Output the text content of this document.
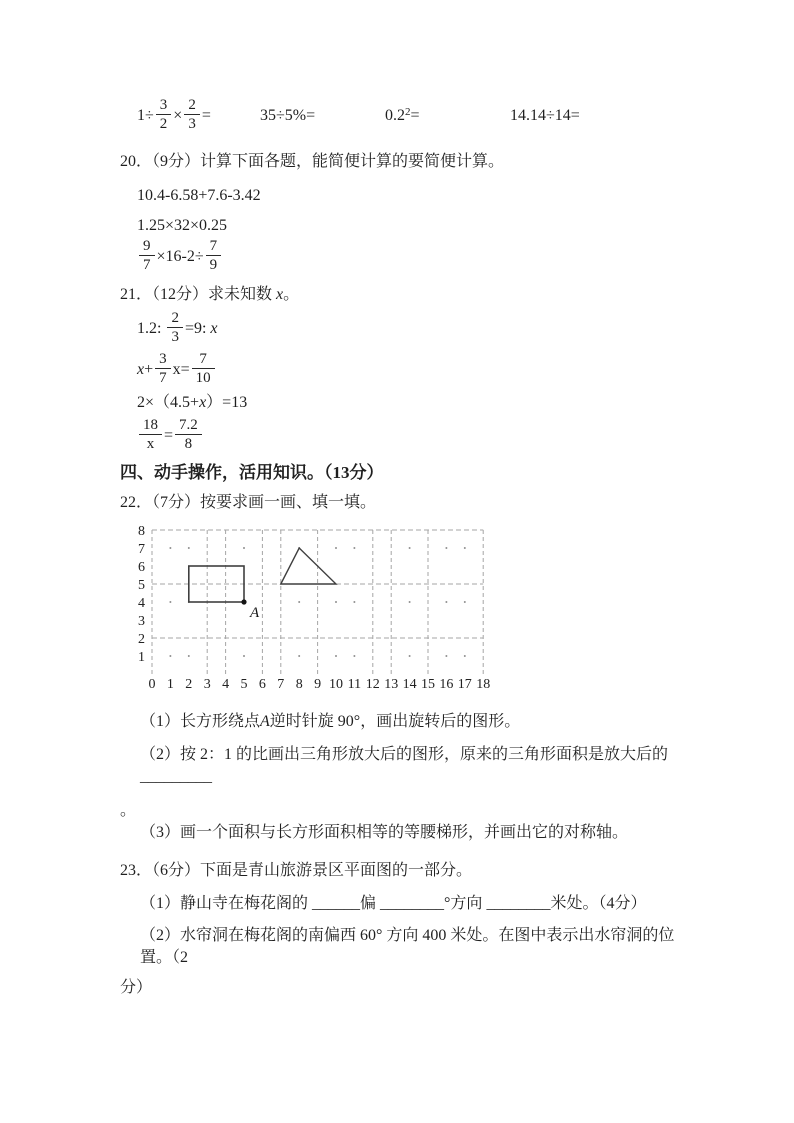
$1\div \frac{3}{2} \times \frac{2}{3}$ =	35÷5%=	$0.2^2=$	14.14÷14=

20．（9分）计算下面各题，能简便计算的要简便计算。

10.4-6.58+7.6-3.42
1.25×32×0.25
$\frac{9}{7} \times 16-2\div \frac{7}{9}$

21．（12分）求未知数 x。

1.2: $\frac{2}{3} =9$: x
$x+ \frac{3}{7} x= \frac{7}{10}$
2×（4.5+x）=13
$\frac{18}{x} = \frac{7.2}{8}$
四、动手操作，活用知识。（13分）

22．（7分）按要求画一画、填一填。

A
1
2
3
4
5
6
7
8
0 1 2 3 4 5 6 7 8 9 10 11 12 13 14 15 16 17 18

（1）长方形绕点A逆时针旋 90°，画出旋转后的图形。

（2）按 2：1 的比画出三角形放大后的图形，原来的三角形面积是放大后的 _________

。

（3）画一个面积与长方形面积相等的等腰梯形，并画出它的对称轴。

23．（6分）下面是青山旅游景区平面图的一部分。

（1）静山寺在梅花阁的 ______偏 ________°方向 ________米处。（4分）

（2）水帘洞在梅花阁的南偏西 60° 方向 400 米处。在图中表示出水帘洞的位置。（2

分）
